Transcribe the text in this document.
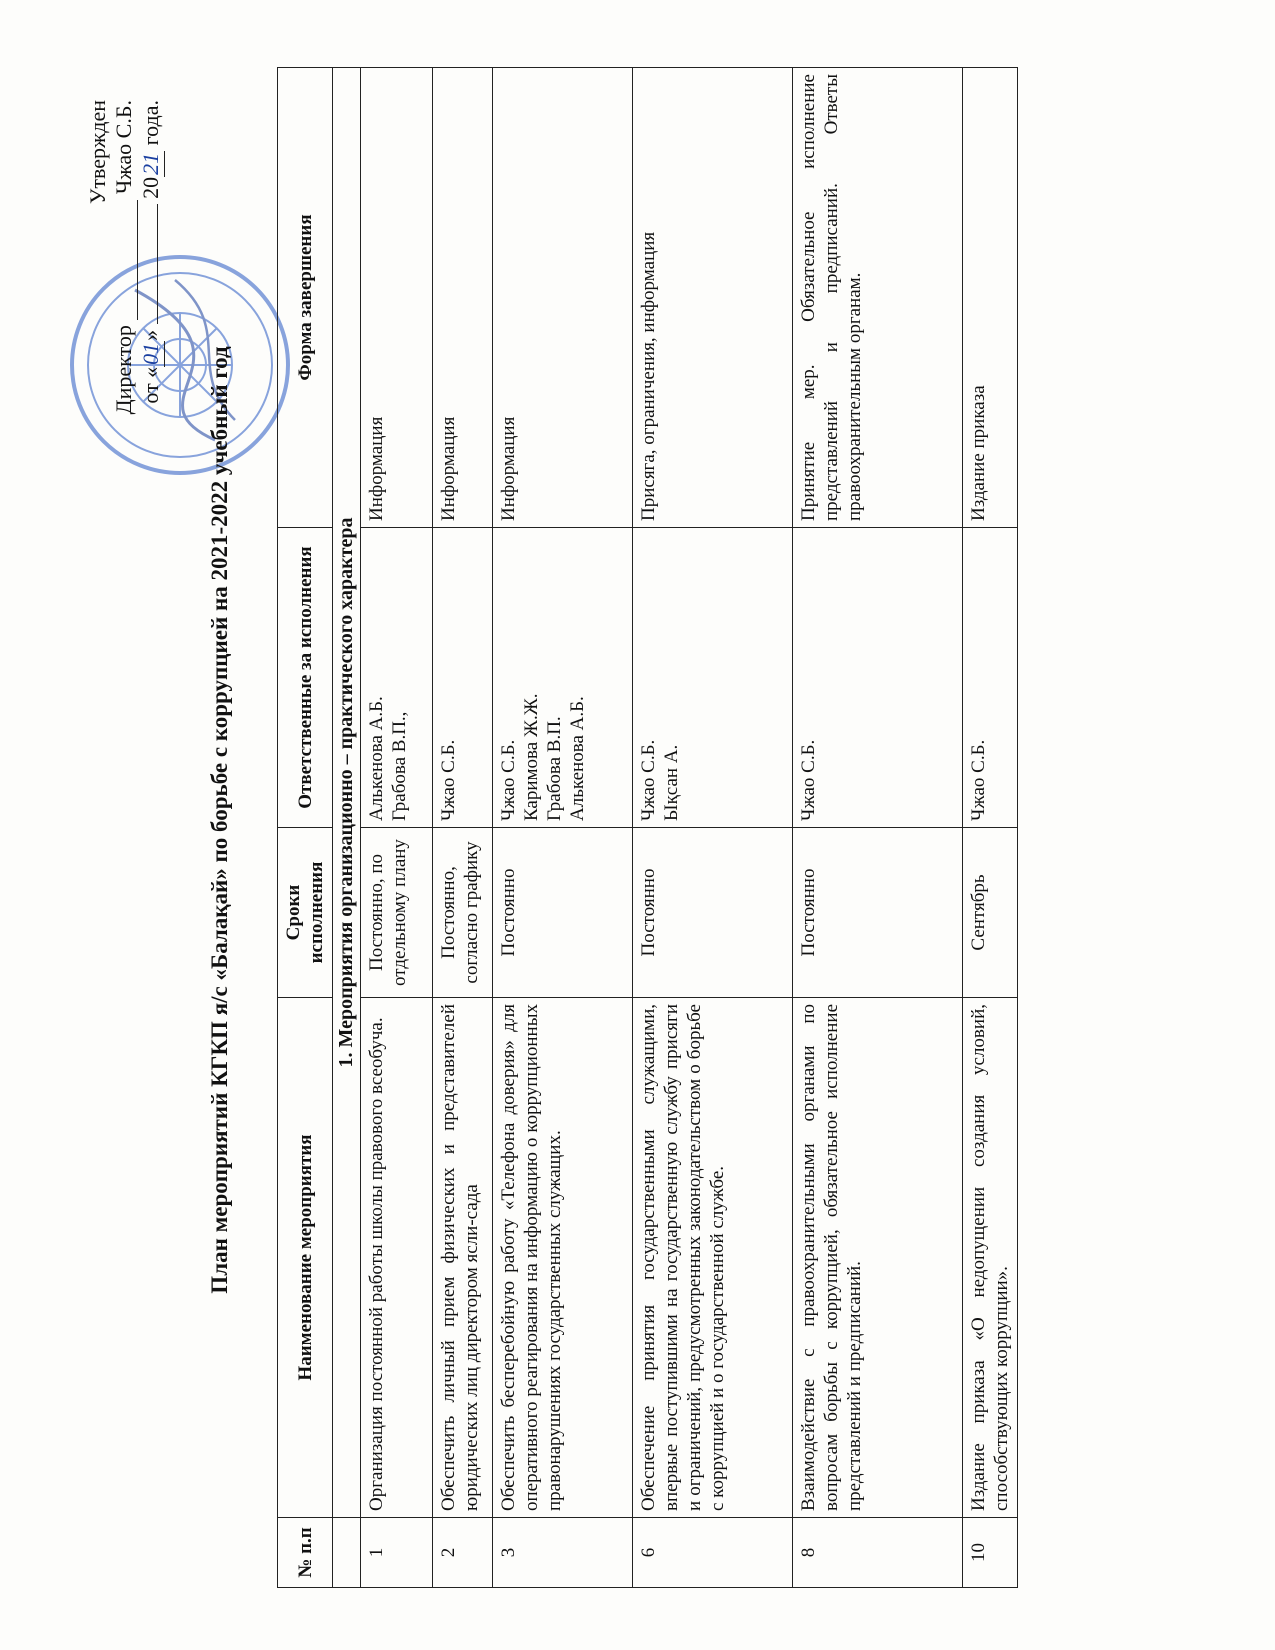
Утвержден
Директор   Чжао С.Б.
от «01»  2021 года.
План мероприятий КГКП я/с «Балақай» по борьбе с коррупцией на 2021-2022 учебный год
№ п.п	Наименование мероприятия	Сроки исполнения	Ответственные за исполнения	Форма завершения
	1. Мероприятия организационно – практического характера			
1	Организация постоянной работы школы правового всеобуча.	Постоянно, по отдельному плану	Алькенова А.Б. Грабова В.П.,	Информация
2	Обеспечить личный прием физических и представителей юридических лиц директором ясли-сада	Постоянно, согласно графику	Чжао С.Б.	Информация
3	Обеспечить бесперебойную работу «Телефона доверия» для оперативного реагирования на информацию о коррупционных правонарушениях государственных служащих.	Постоянно	Чжао С.Б. Каримова Ж.Ж. Грабова В.П. Алькенова А.Б.	Информация
6	Обеспечение принятия государственными служащими, впервые поступившими на государственную службу присяги и ограничений, предусмотренных законодательством о борьбе с коррупцией и о государственной службе.	Постоянно	Чжао С.Б. Ықсан А.	Присяга, ограничения, информация
8	Взаимодействие с правоохранительными органами по вопросам борьбы с коррупцией, обязательное исполнение представлений и предписаний.	Постоянно	Чжао С.Б.	Принятие мер. Обязательное исполнение представлений и предписаний. Ответы правоохранительным органам.
10	Издание приказа «О недопущении создания условий, способствующих коррупции».	Сентябрь	Чжао С.Б.	Издание приказа
